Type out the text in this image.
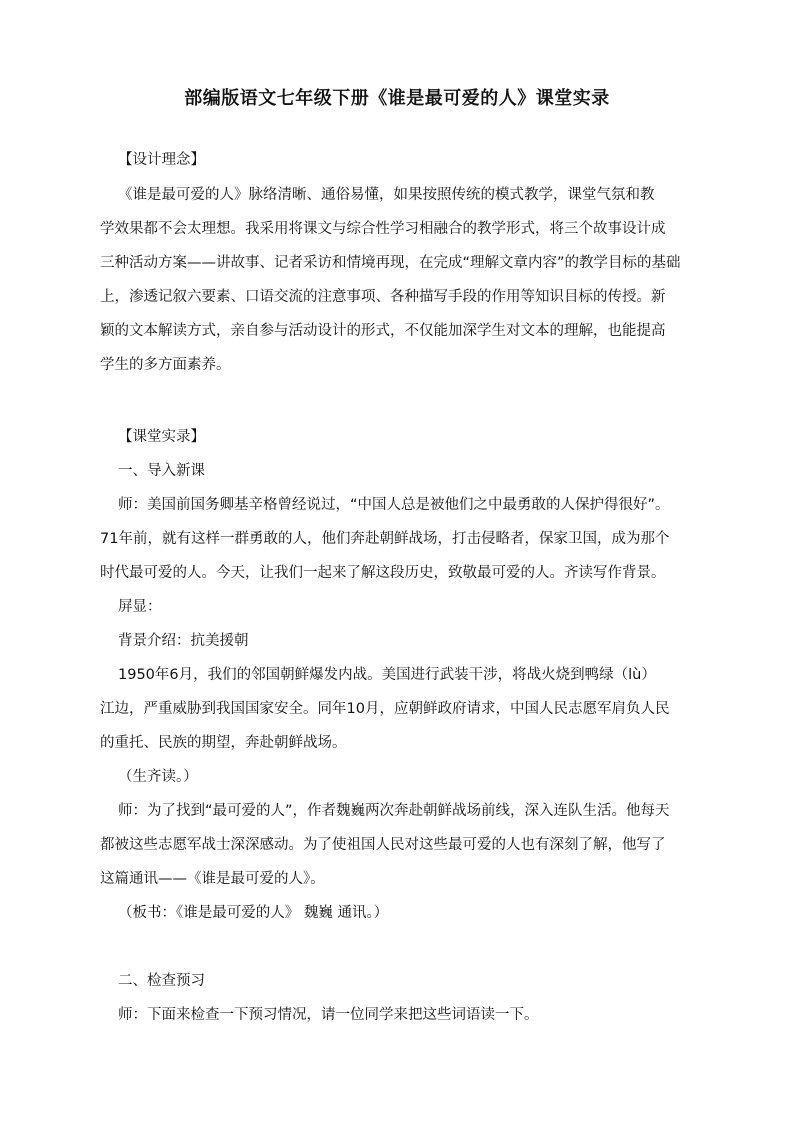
部编版语文七年级下册《谁是最可爱的人》课堂实录
【设计理念】
《谁是最可爱的人》脉络清晰、通俗易懂，如果按照传统的模式教学，课堂气氛和教
学效果都不会太理想。我采用将课文与综合性学习相融合的教学形式，将三个故事设计成
三种活动方案——讲故事、记者采访和情境再现，在完成“理解文章内容”的教学目标的基础
上，渗透记叙六要素、口语交流的注意事项、各种描写手段的作用等知识目标的传授。新
颖的文本解读方式，亲自参与活动设计的形式，不仅能加深学生对文本的理解，也能提高
学生的多方面素养。
【课堂实录】
一、导入新课
师：美国前国务卿基辛格曾经说过，“中国人总是被他们之中最勇敢的人保护得很好”。
71年前，就有这样一群勇敢的人，他们奔赴朝鲜战场，打击侵略者，保家卫国，成为那个
时代最可爱的人。今天，让我们一起来了解这段历史，致敬最可爱的人。齐读写作背景。
屏显：
背景介绍：抗美援朝
1950年6月，我们的邻国朝鲜爆发内战。美国进行武装干涉，将战火烧到鸭绿（lù）
江边，严重威胁到我国国家安全。同年10月，应朝鲜政府请求，中国人民志愿军肩负人民
的重托、民族的期望，奔赴朝鲜战场。
（生齐读。）
师：为了找到“最可爱的人”，作者魏巍两次奔赴朝鲜战场前线，深入连队生活。他每天
都被这些志愿军战士深深感动。为了使祖国人民对这些最可爱的人也有深刻了解，他写了
这篇通讯——《谁是最可爱的人》。
（板书：《谁是最可爱的人》 魏巍 通讯。）
二、检查预习
师：下面来检查一下预习情况，请一位同学来把这些词语读一下。
